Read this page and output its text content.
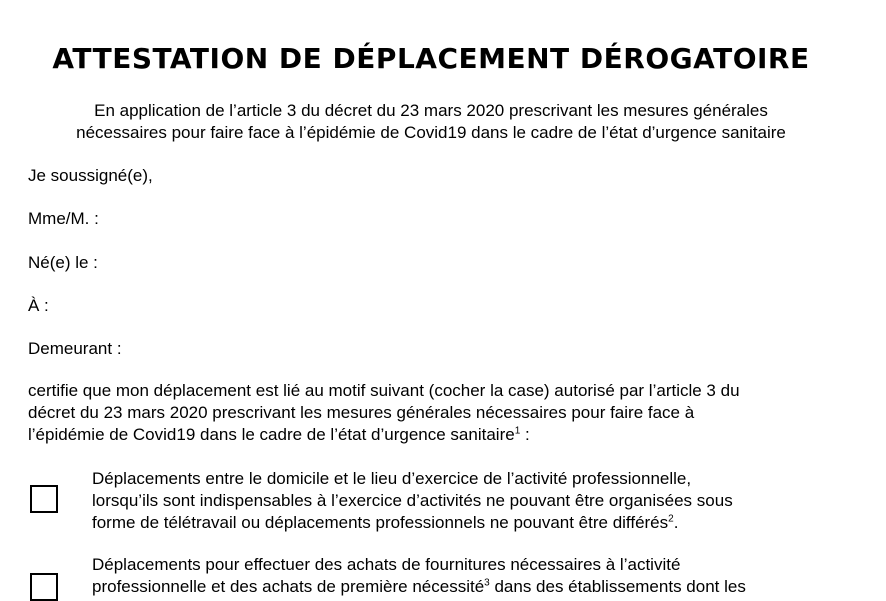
ATTESTATION DE DÉPLACEMENT DÉROGATOIRE
En application de l’article 3 du décret du 23 mars 2020 prescrivant les mesures générales
nécessaires pour faire face à l’épidémie de Covid19 dans le cadre de l’état d’urgence sanitaire
Je soussigné(e),
Mme/M. :
Né(e) le :
À :
Demeurant :
certifie que mon déplacement est lié au motif suivant (cocher la case) autorisé par l’article 3 du
décret du 23 mars 2020 prescrivant les mesures générales nécessaires pour faire face à
l’épidémie de Covid19 dans le cadre de l’état d’urgence sanitaire$^1$ :
Déplacements entre le domicile et le lieu d’exercice de l’activité professionnelle,
lorsqu’ils sont indispensables à l’exercice d’activités ne pouvant être organisées sous
forme de télétravail ou déplacements professionnels ne pouvant être différés$^2$.
Déplacements pour effectuer des achats de fournitures nécessaires à l’activité
professionnelle et des achats de première nécessité$^3$ dans des établissements dont les
